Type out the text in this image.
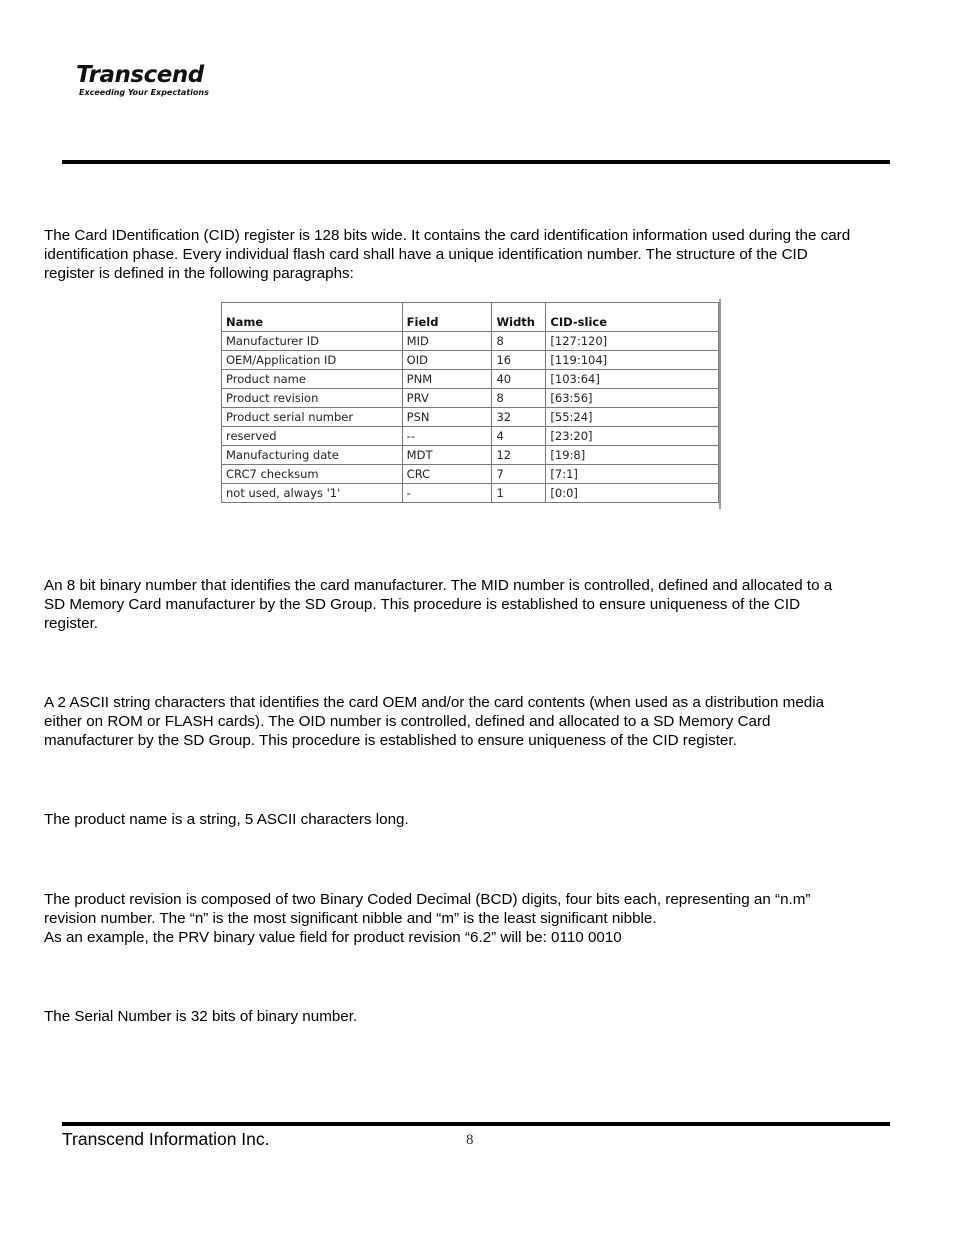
Transcend
Exceeding Your Expectations

The Card IDentification (CID) register is 128 bits wide. It contains the card identification information used during the card

identification phase. Every individual flash card shall have a unique identification number. The structure of the CID

register is defined in the following paragraphs:

Name	Field	Width	CID-slice
Manufacturer ID	MID	8	[127:120]
OEM/Application ID	OID	16	[119:104]
Product name	PNM	40	[103:64]
Product revision	PRV	8	[63:56]
Product serial number	PSN	32	[55:24]
reserved	--	4	[23:20]
Manufacturing date	MDT	12	[19:8]
CRC7 checksum	CRC	7	[7:1]
not used, always '1'	-	1	[0:0]

An 8 bit binary number that identifies the card manufacturer. The MID number is controlled, defined and allocated to a

SD Memory Card manufacturer by the SD Group. This procedure is established to ensure uniqueness of the CID

register.

A 2 ASCII string characters that identifies the card OEM and/or the card contents (when used as a distribution media

either on ROM or FLASH cards). The OID number is controlled, defined and allocated to a SD Memory Card

manufacturer by the SD Group. This procedure is established to ensure uniqueness of the CID register.

The product name is a string, 5 ASCII characters long.

The product revision is composed of two Binary Coded Decimal (BCD) digits, four bits each, representing an “n.m”

revision number. The “n” is the most significant nibble and “m” is the least significant nibble.

As an example, the PRV binary value field for product revision “6.2” will be: 0110 0010

The Serial Number is 32 bits of binary number.

Transcend Information Inc.	8
